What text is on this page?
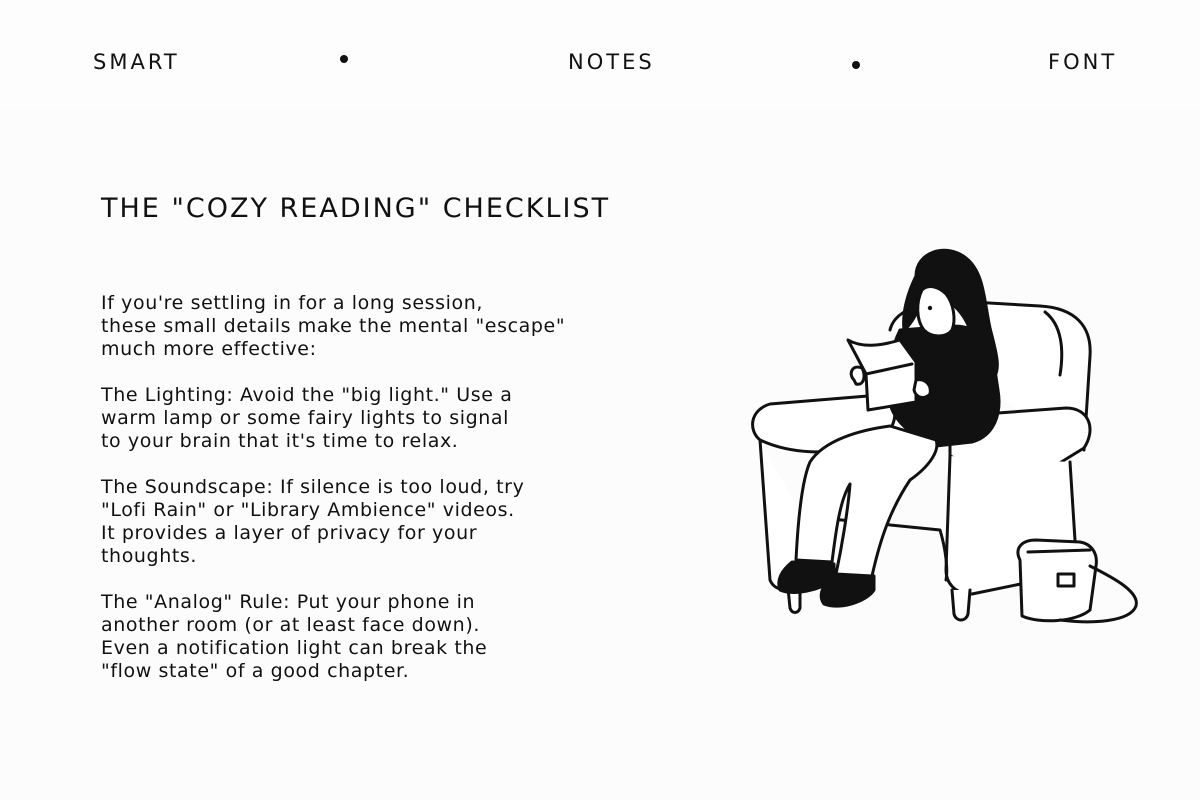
SMART	NOTES	FONT
THE "COZY READING" CHECKLIST

If you're settling in for a long session,
these small details make the mental "escape"
much more effective:

The Lighting: Avoid the "big light." Use a
warm lamp or some fairy lights to signal
to your brain that it's time to relax.

The Soundscape: If silence is too loud, try
"Lofi Rain" or "Library Ambience" videos.
It provides a layer of privacy for your
thoughts.

The "Analog" Rule: Put your phone in
another room (or at least face down).
Even a notification light can break the
"flow state" of a good chapter.
